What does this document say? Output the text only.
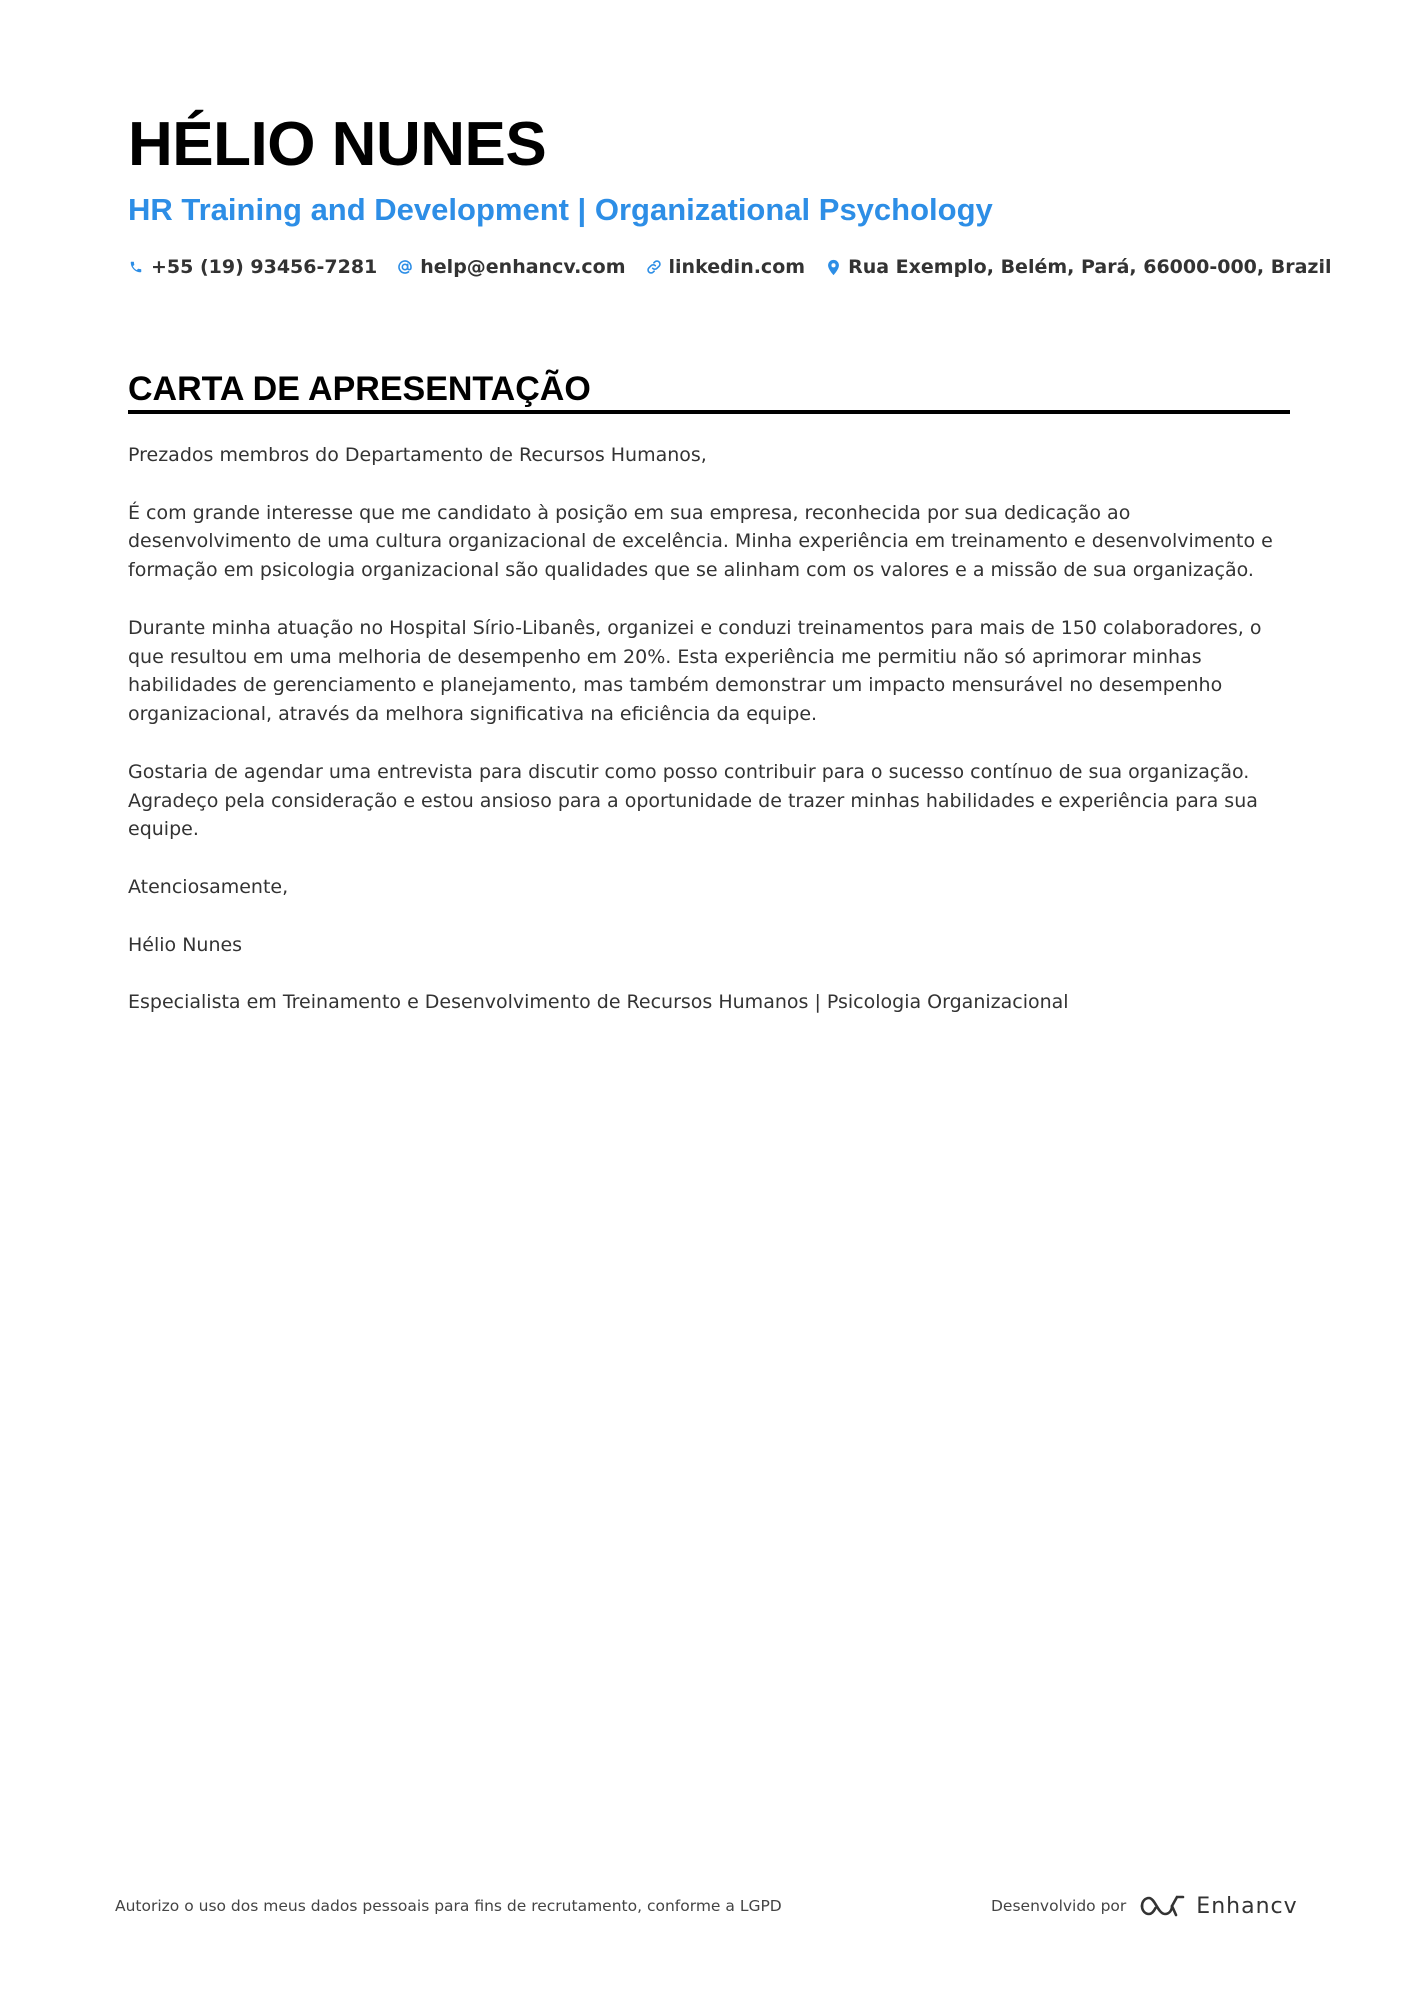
HÉLIO NUNES
HR Training and Development | Organizational Psychology
+55 (19) 93456-7281 help@enhancv.com linkedin.com Rua Exemplo, Belém, Pará, 66000-000, Brazil
CARTA DE APRESENTAÇÃO

Prezados membros do Departamento de Recursos Humanos,

É com grande interesse que me candidato à posição em sua empresa, reconhecida por sua dedicação ao desenvolvimento de uma cultura organizacional de excelência. Minha experiência em treinamento e desenvolvimento e formação em psicologia organizacional são qualidades que se alinham com os valores e a missão de sua organização.

Durante minha atuação no Hospital Sírio-Libanês, organizei e conduzi treinamentos para mais de 150 colaboradores, o que resultou em uma melhoria de desempenho em 20%. Esta experiência me permitiu não só aprimorar minhas habilidades de gerenciamento e planejamento, mas também demonstrar um impacto mensurável no desempenho organizacional, através da melhora significativa na eficiência da equipe.

Gostaria de agendar uma entrevista para discutir como posso contribuir para o sucesso contínuo de sua organização. Agradeço pela consideração e estou ansioso para a oportunidade de trazer minhas habilidades e experiência para sua equipe.

Atenciosamente,

Hélio Nunes

Especialista em Treinamento e Desenvolvimento de Recursos Humanos | Psicologia Organizacional

Autorizo o uso dos meus dados pessoais para fins de recrutamento, conforme a LGPD	Desenvolvido por	Enhancv
